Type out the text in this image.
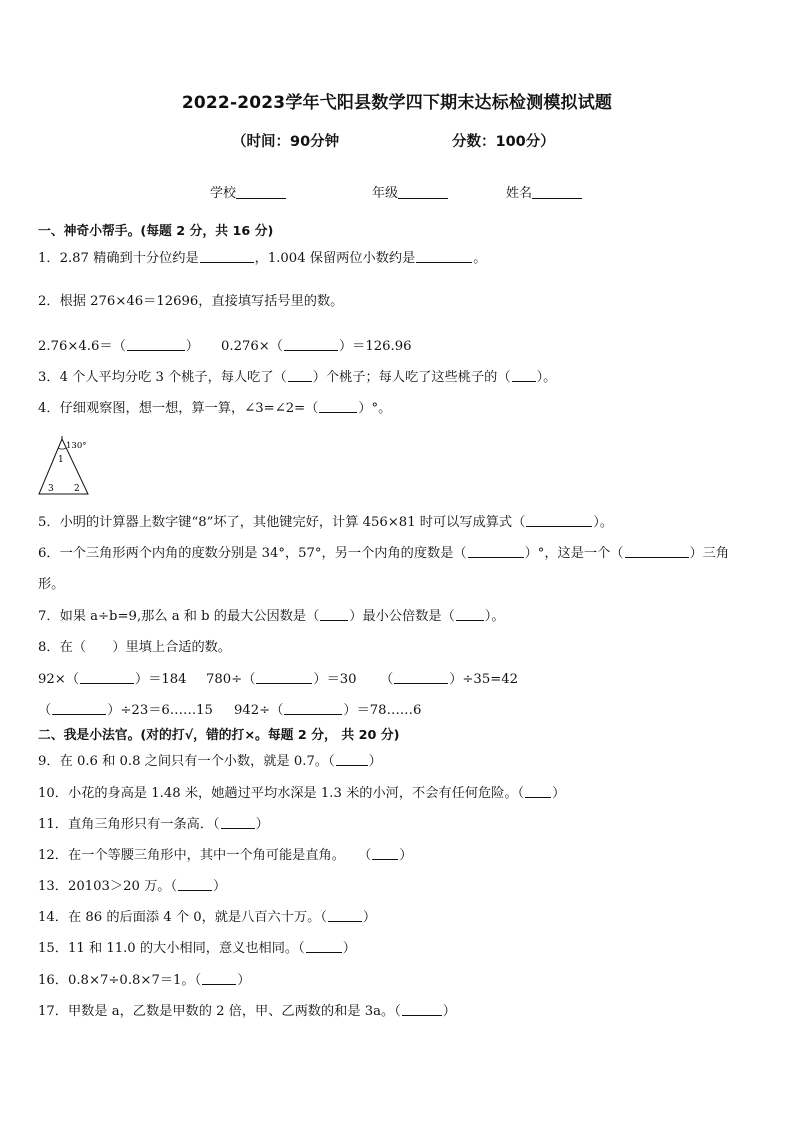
2022-2023学年弋阳县数学四下期末达标检测模拟试题
（时间：90分钟	分数：100分）
学校	年级	姓名
一、神奇小帮手。(每题 2 分，共 16 分)
1．2.87 精确到十分位约是	，1.004 保留两位小数约是	。
2．根据 276×46＝12696，直接填写括号里的数。
2.76×4.6＝（	） 0.276×（	）＝126.96
3．4 个人平均分吃 3 个桃子，每人吃了（ ）个桃子；每人吃了这些桃子的（ ）。
4．仔细观察图，想一想，算一算，∠3=∠2=（	）°。
130°
1
3 2
5．小明的计算器上数字键“8”坏了，其他键完好，计算 456×81 时可以写成算式（	）。
6．一个三角形两个内角的度数分别是 34°，57°，另一个内角的度数是（	）°，这是一个（	）三角
形。
7．如果 a÷b=9,那么 a 和 b 的最大公因数是（ ）最小公倍数是（ ）。
8．在（　　）里填上合适的数。
92×（	）＝184 780÷（	）＝30 （	）÷35=42
（	）÷23＝6……15 942÷（	）＝78……6
二、我是小法官。(对的打√，错的打×。每题 2 分， 共 20 分)
9．在 0.6 和 0.8 之间只有一个小数，就是 0.7。（	）
10．小花的身高是 1.48 米，她趟过平均水深是 1.3 米的小河，不会有任何危险。（ ）
11．直角三角形只有一条高．（	）
12．在一个等腰三角形中，其中一个角可能是直角。　　（ ）
13．20103＞20 万。（	）
14．在 86 的后面添 4 个 0，就是八百六十万。（	）
15．11 和 11.0 的大小相同，意义也相同。（	）
16．0.8×7÷0.8×7＝1。（	）
17．甲数是 a，乙数是甲数的 2 倍，甲、乙两数的和是 3a。（	）
